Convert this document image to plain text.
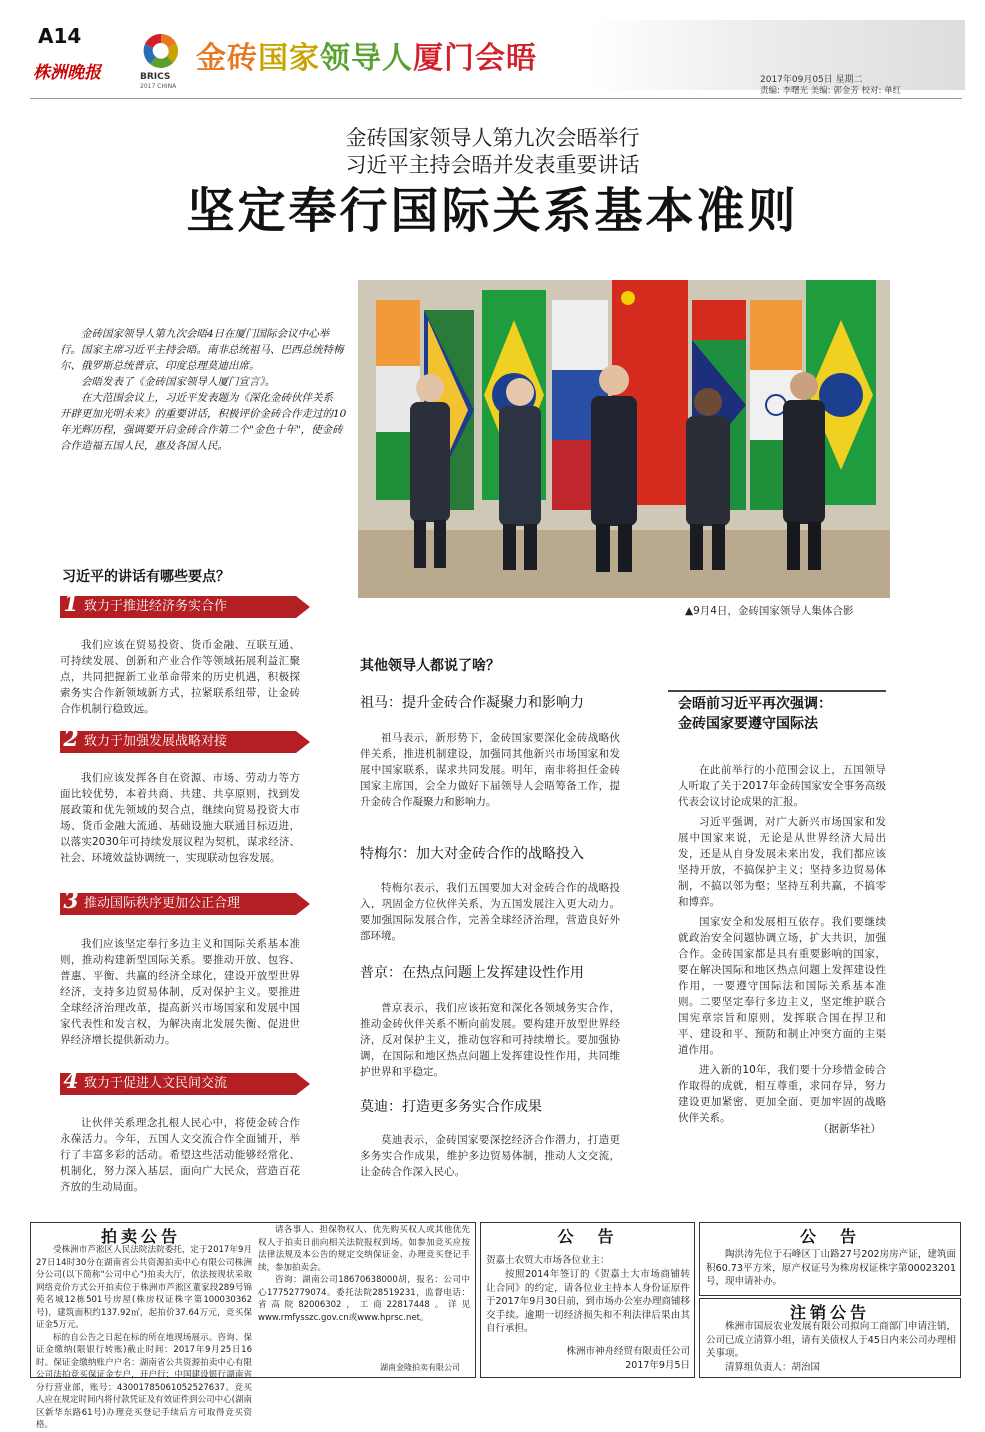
A14
株洲晚报	BRICS
2017 CHINA
金砖国家领导人厦门会晤
2017年09月05日 星期二
责编: 李曙光 美编: 郭金芳 校对: 单红
金砖国家领导人第九次会晤举行
习近平主持会晤并发表重要讲话
坚定奉行国际关系基本准则

金砖国家领导人第九次会晤4日在厦门国际会议中心举行。国家主席习近平主持会晤。南非总统祖马、巴西总统特梅尔、俄罗斯总统普京、印度总理莫迪出席。

会晤发表了《金砖国家领导人厦门宣言》。

在大范围会议上，习近平发表题为《深化金砖伙伴关系　开辟更加光明未来》的重要讲话，积极评价金砖合作走过的10年光辉历程，强调要开启金砖合作第二个"金色十年"，使金砖合作造福五国人民，惠及各国人民。

▲9月4日，金砖国家领导人集体合影
习近平的讲话有哪些要点？
1 致力于推进经济务实合作

我们应该在贸易投资、货币金融、互联互通、可持续发展、创新和产业合作等领域拓展利益汇聚点，共同把握新工业革命带来的历史机遇，积极探索务实合作新领域新方式，拉紧联系纽带，让金砖合作机制行稳致远。

2 致力于加强发展战略对接

我们应该发挥各自在资源、市场、劳动力等方面比较优势，本着共商、共建、共享原则，找到发展政策和优先领域的契合点，继续向贸易投资大市场、货币金融大流通、基础设施大联通目标迈进，以落实2030年可持续发展议程为契机，谋求经济、社会、环境效益协调统一，实现联动包容发展。

3 推动国际秩序更加公正合理

我们应该坚定奉行多边主义和国际关系基本准则，推动构建新型国际关系。要推动开放、包容、普惠、平衡、共赢的经济全球化，建设开放型世界经济，支持多边贸易体制，反对保护主义。要推进全球经济治理改革，提高新兴市场国家和发展中国家代表性和发言权，为解决南北发展失衡、促进世界经济增长提供新动力。

4 致力于促进人文民间交流

让伙伴关系理念扎根人民心中，将使金砖合作永葆活力。今年，五国人文交流合作全面铺开，举行了丰富多彩的活动。希望这些活动能够经常化、机制化，努力深入基层，面向广大民众，营造百花齐放的生动局面。

其他领导人都说了啥？
祖马：提升金砖合作凝聚力和影响力

祖马表示，新形势下，金砖国家要深化金砖战略伙伴关系，推进机制建设，加强同其他新兴市场国家和发展中国家联系，谋求共同发展。明年，南非将担任金砖国家主席国，会全力做好下届领导人会晤筹备工作，提升金砖合作凝聚力和影响力。

特梅尔：加大对金砖合作的战略投入

特梅尔表示，我们五国要加大对金砖合作的战略投入，巩固金方位伙伴关系，为五国发展注入更大动力。要加强国际发展合作，完善全球经济治理，营造良好外部环境。

普京：在热点问题上发挥建设性作用

普京表示，我们应该拓宽和深化各领域务实合作，推动金砖伙伴关系不断向前发展。要构建开放型世界经济，反对保护主义，推动包容和可持续增长。要加强协调，在国际和地区热点问题上发挥建设性作用，共同维护世界和平稳定。

莫迪：打造更多务实合作成果

莫迪表示，金砖国家要深挖经济合作潜力，打造更多务实合作成果，维护多边贸易体制，推动人文交流，让金砖合作深入民心。

会晤前习近平再次强调：
金砖国家要遵守国际法

在此前举行的小范围会议上，五国领导人听取了关于2017年金砖国家安全事务高级代表会议讨论成果的汇报。

习近平强调，对广大新兴市场国家和发展中国家来说，无论是从世界经济大局出发，还是从自身发展未来出发，我们都应该坚持开放，不搞保护主义；坚持多边贸易体制，不搞以邻为壑；坚持互利共赢，不搞零和博弈。

国家安全和发展相互依存。我们要继续就政治安全问题协调立场，扩大共识，加强合作。金砖国家都是具有重要影响的国家，要在解决国际和地区热点问题上发挥建设性作用，一要遵守国际法和国际关系基本准则。二要坚定奉行多边主义，坚定维护联合国宪章宗旨和原则，发挥联合国在捍卫和平、建设和平、预防和制止冲突方面的主渠道作用。

进入新的10年，我们要十分珍惜金砖合作取得的成就，相互尊重，求同存异，努力建设更加紧密、更加全面、更加牢固的战略伙伴关系。

（据新华社）
拍卖公告

受株洲市芦淞区人民法院法院委托，定于2017年9月27日14时30分在湖南省公共资源拍卖中心有限公司株洲分公司(以下简称"公司中心")拍卖大厅，依法按现状采取网络竞价方式公开拍卖位于株洲市芦淞区董家段289号锦苑名城12栋501号房屋(株房权证株字第100030362号)，建筑面积约137.92㎡，起拍价37.64万元，竞买保证金5万元。

标的自公告之日起在标的所在地现场展示。咨询、保证金缴纳(限银行转账)截止时间：2017年9月25日16时。保证金缴纳账户户名：湖南省公共资源拍卖中心有限公司法拍竞买保证金专户，开户行：中国建设银行湖南省分行营业部，账号：43001785061052527637。竞买人应在规定时间内将付款凭证及有效证件到公司中心(湖南区新华东路61号)办理竞买登记手续后方可取得竞买资格。

请各事人、担保物权人、优先购买权人或其他优先权人于拍卖日前向相关法院报权到场。如参加竞买应按法律法规及本公告的规定交纳保证金、办理竞买登记手续，参加拍卖会。

咨询：湖南公司18670638000胡，报名：公司中心17752779074。委托法院28519231，监督电话：省高院82006302，工商22817448。详见www.rmfysszc.gov.cn或www.hprsc.net。

湖南金隆拍卖有限公司
公　告
贺嘉土农贸大市场各位业主：

按照2014年签订的《贺嘉土大市场商铺转让合同》的约定，请各位业主持本人身份证原件于2017年9月30日前，到市场办公室办理商铺移交手续。逾期一切经济损失和不利法律后果由其自行承担。

株洲市神舟经贸有限责任公司
2017年9月5日
公　告

陶洪涛先位于石峰区丁山路27号202房房产证，建筑面积60.73平方米，原产权证号为株房权证株字第00023201号，现申请补办。

注销公告

株洲市国辰农业发展有限公司拟向工商部门申请注销，公司已成立清算小组，请有关债权人于45日内来公司办理相关事项。

清算组负责人：胡治国
